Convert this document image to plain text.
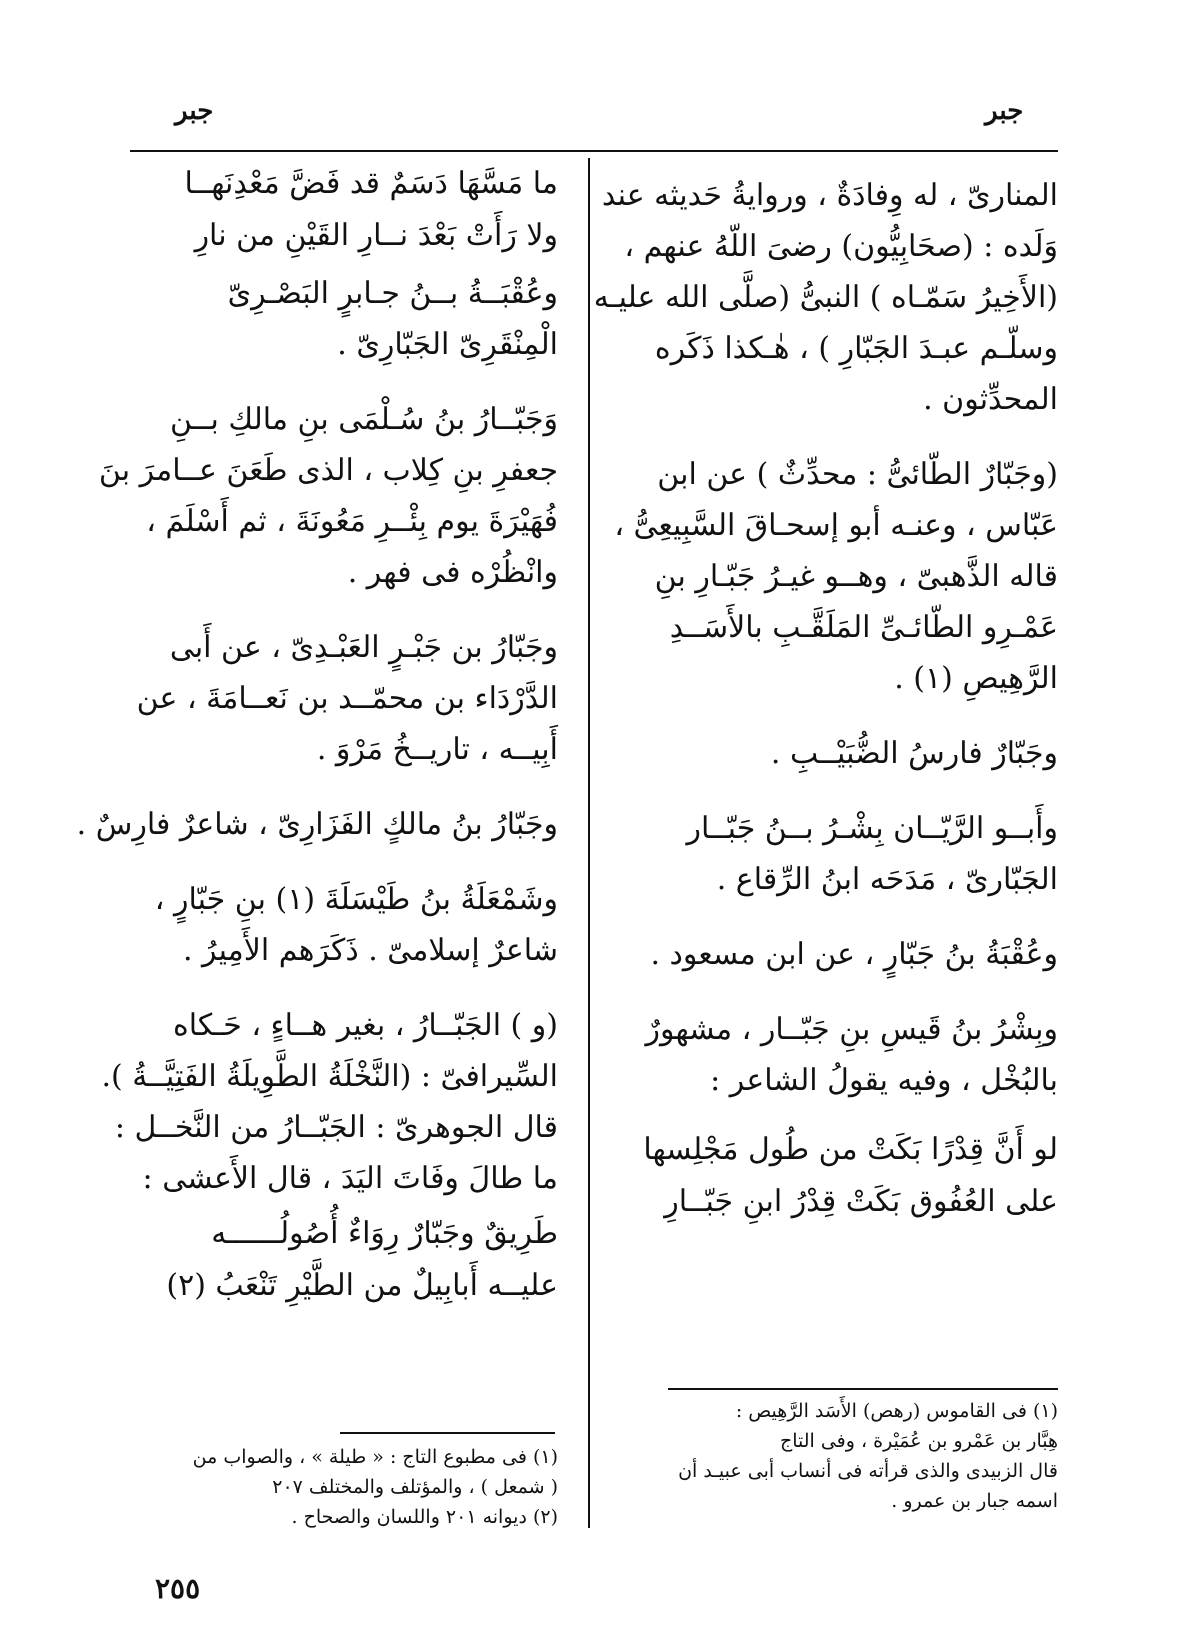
جبر	جبر
المنارىّ ، له وِفادَةٌ ، وروايةُ حَديثه عند
وَلَده : (صحَابِيُّون) رضىَ اللّهُ عنهم ،
(الأَخِيرُ سَمّـاه ) النبىُّ (صلَّى الله عليـه
وسلّـم عبـدَ الجَبّارِ ) ، هٰـكذا ذَكَره
المحدِّثون .
(وجَبّارٌ الطّائىُّ : محدِّثٌ ) عن ابن
عَبّاس ، وعنـه أبو إسحـاقَ السَّبِيعِىُّ ،
قاله الذَّهبىّ ، وهــو غيـرُ جَبّـارِ بنِ
عَمْـرِو الطّائـىِّ المَلَقَّـبِ بالأَسَــدِ
الرَّهِيصِ (١) .
وجَبّارٌ فارسُ الضُّبَيْــبِ .
وأَبــو الرَّيّــان بِشْـرُ بــنُ جَبّــار
الجَبّارىّ ، مَدَحَه ابنُ الرِّقاع .
وعُقْبَةُ بنُ جَبّارٍ ، عن ابن مسعود .
وبِشْرُ بنُ قَيسِ بنِ جَبّــار ، مشهورٌ
بالبُخْل ، وفيه يقولُ الشاعر :
لو أَنَّ قِدْرًا بَكَتْ من طُول مَجْلِسها
على العُفُوق بَكَتْ قِدْرُ ابنِ جَبّــارِ
ما مَسَّهَا دَسَمٌ قد فَضَّ مَعْدِنَهــا
ولا رَأَتْ بَعْدَ نــارِ القَيْنِ من نارِ
وعُقْبَــةُ بــنُ جـابرٍ البَصْـرِىّ
الْمِنْقَرِىّ الجَبّارِىّ .
وَجَبّــارُ بنُ سُـلْمَى بنِ مالكِ بــنِ
جعفرِ بنِ كِلاب ، الذى طَعَنَ عــامرَ بنَ
فُهَيْرَةَ يوم بِئْــرِ مَعُونَةَ ، ثم أَسْلَمَ ،
وانْظُرْه فى فهر .
وجَبّارُ بن جَبْـرٍ العَبْـدِىّ ، عن أَبى
الدَّرْدَاء بن محمّــد بن نَعــامَةَ ، عن
أَبِيــه ، تاريــخُ مَرْوَ .
وجَبّارُ بنُ مالكٍ الفَزَارِىّ ، شاعرٌ فارِسٌ .
وشَمْعَلَةُ بنُ طَيْسَلَةَ (١) بنِ جَبّارٍ ،
شاعرٌ إسلامىّ . ذَكَرَهم الأَمِيرُ .
(و ) الجَبّــارُ ، بغير هــاءٍ ، حَـكاه
السِّيرافىّ : (النَّخْلَةُ الطَّوِيلَةُ الفَتِيَّــةُ ).
قال الجوهرىّ : الجَبّــارُ من النَّخــل :
ما طالَ وفَاتَ اليَدَ ، قال الأَعشى :
طَرِيقٌ وجَبّارٌ رِوَاءٌ أُصُولُــــــه
عليــه أَبابِيلٌ من الطَّيْرِ تَنْعَبُ (٢)
(١) فى القاموس (رهص) الأَسَد الرَّهِيص :
هِبَّار بن عَمْرو بن عُمَيْرة ، وفى التاج
قال الزبيدى والذى قرأته فى أنساب أبى عبيـد أن
اسمه جبار بن عمرو .
(١) فى مطبوع التاج : « طيلة » ، والصواب من
( شمعل ) ، والمؤتلف والمختلف ٢٠٧
(٢) ديوانه ٢٠١ واللسان والصحاح .
٢٥٥
